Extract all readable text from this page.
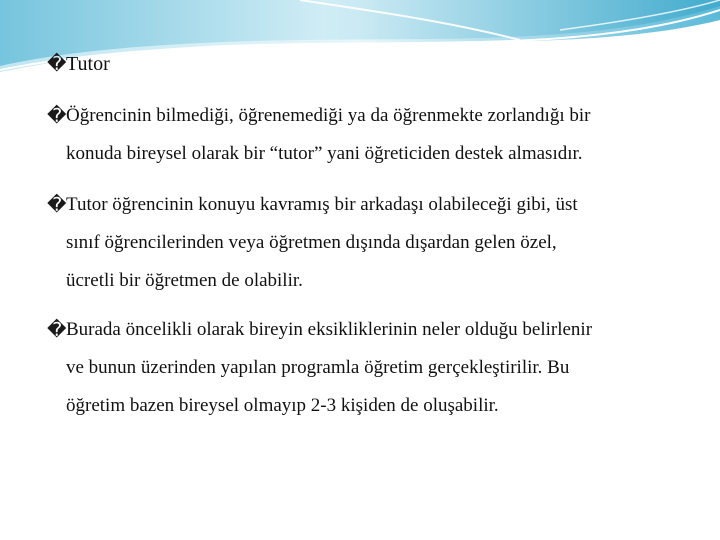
� Tutor
� Öğrencinin bilmediği, öğrenemediği ya da öğrenmekte zorlandığı bir
konuda bireysel olarak bir “tutor” yani öğreticiden destek almasıdır.
� Tutor öğrencinin konuyu kavramış bir arkadaşı olabileceği gibi, üst
sınıf öğrencilerinden veya öğretmen dışında dışardan gelen özel,
ücretli bir öğretmen de olabilir.
� Burada öncelikli olarak bireyin eksikliklerinin neler olduğu belirlenir
ve bunun üzerinden yapılan programla öğretim gerçekleştirilir. Bu
öğretim bazen bireysel olmayıp 2-3 kişiden de oluşabilir.
